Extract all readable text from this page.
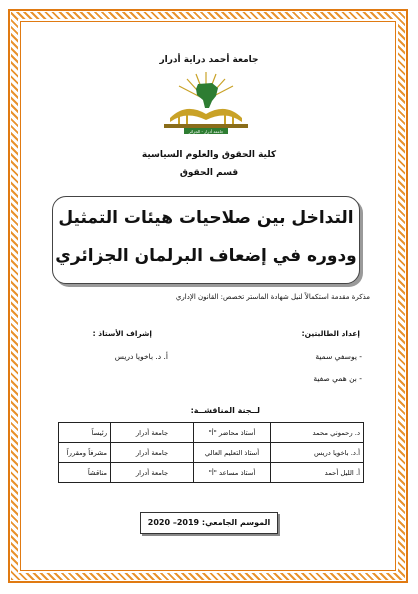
جامعة أحمد دراية أدرار
جامعة أدرار - الجزائر
كلية الحقوق والعلوم السياسية
قسم الحقوق
التداخل بين صلاحيات هيئات التمثيل
ودوره في إضعاف البرلمان الجزائري
مذكرة مقدمة استكمالاً لنيل شهادة الماستر تخصص: القانون الإداري
إعداد الطالبتين:
- يوسفي سمية
- بن همي صفية
إشراف الأستاذ :
أ. د. باخويا دريس
لــجنة المناقشــة:
د. رحموني محمد	أستاذ محاضر "أ"	جامعة أدرار	رئيساً
أ.د. باخويا دريس	أستاذ التعليم العالي	جامعة أدرار	مشرفاً ومقرراً
أ. الليل أحمد	أستاذ مساعد "أ"	جامعة أدرار	مناقشاً
الموسم الجامعي: 2019– 2020
